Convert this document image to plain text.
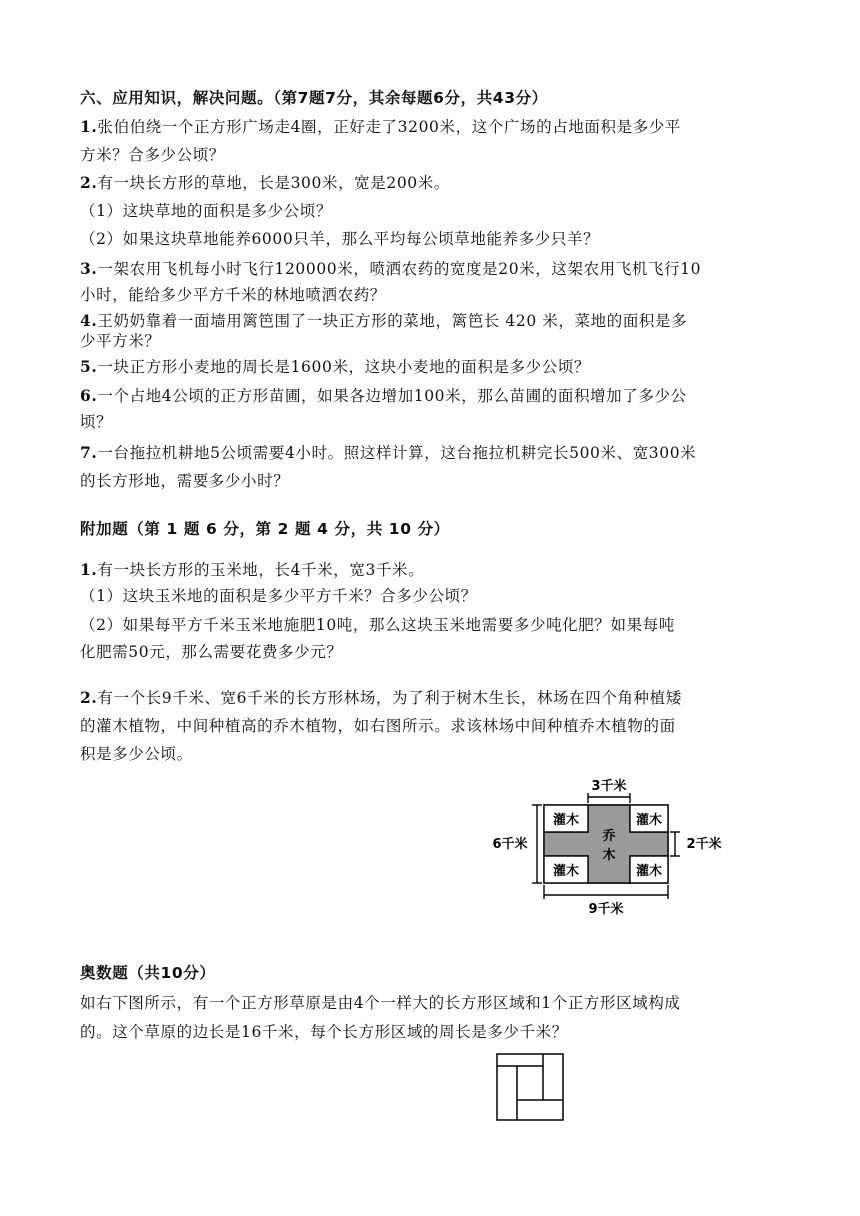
六、应用知识，解决问题。（第7题7分，其余每题6分，共43分）
1.张伯伯绕一个正方形广场走4圈，正好走了3200米，这个广场的占地面积是多少平
方米？合多少公顷？
2.有一块长方形的草地，长是300米，宽是200米。
（1）这块草地的面积是多少公顷？
（2）如果这块草地能养6000只羊，那么平均每公顷草地能养多少只羊？
3.一架农用飞机每小时飞行120000米，喷洒农药的宽度是20米，这架农用飞机飞行10
小时，能给多少平方千米的林地喷洒农药？
4.王奶奶靠着一面墙用篱笆围了一块正方形的菜地，篱笆长 420 米，菜地的面积是多
少平方米？
5.一块正方形小麦地的周长是1600米，这块小麦地的面积是多少公顷？
6.一个占地4公顷的正方形苗圃，如果各边增加100米，那么苗圃的面积增加了多少公
顷？
7.一台拖拉机耕地5公顷需要4小时。照这样计算，这台拖拉机耕完长500米、宽300米
的长方形地，需要多少小时？
附加题（第 1 题 6 分，第 2 题 4 分，共 10 分）
1.有一块长方形的玉米地，长4千米，宽3千米。
（1）这块玉米地的面积是多少平方千米？合多少公顷？
（2）如果每平方千米玉米地施肥10吨，那么这块玉米地需要多少吨化肥？如果每吨
化肥需50元，那么需要花费多少元？
2.有一个长9千米、宽6千米的长方形林场，为了利于树木生长，林场在四个角种植矮
的灌木植物，中间种植高的乔木植物，如右图所示。求该林场中间种植乔木植物的面
积是多少公顷。
3千米
6千米	2千米
9千米
灌木	灌木
灌木	灌木
乔
木
奥数题（共10分）
如右下图所示，有一个正方形草原是由4个一样大的长方形区域和1个正方形区域构成
的。这个草原的边长是16千米，每个长方形区域的周长是多少千米？
